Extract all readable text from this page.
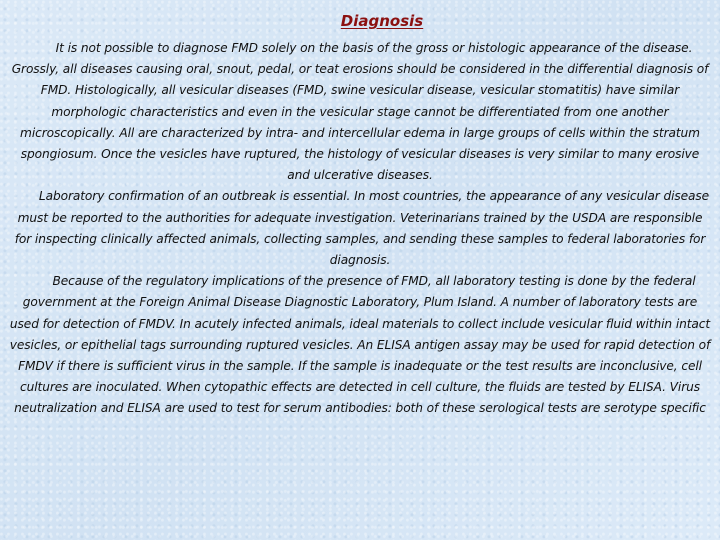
Diagnosis

It is not possible to diagnose FMD solely on the basis of the gross or histologic appearance of the disease. Grossly, all diseases causing oral, snout, pedal, or teat erosions should be considered in the differential diagnosis of FMD. Histologically, all vesicular diseases (FMD, swine vesicular disease, vesicular stomatitis) have similar morphologic characteristics and even in the vesicular stage cannot be differentiated from one another microscopically. All are characterized by intra- and intercellular edema in large groups of cells within the stratum spongiosum. Once the vesicles have ruptured, the histology of vesicular diseases is very similar to many erosive and ulcerative diseases.

Laboratory confirmation of an outbreak is essential. In most countries, the appearance of any vesicular disease must be reported to the authorities for adequate investigation. Veterinarians trained by the USDA are responsible for inspecting clinically affected animals, collecting samples, and sending these samples to federal laboratories for diagnosis.

Because of the regulatory implications of the presence of FMD, all laboratory testing is done by the federal government at the Foreign Animal Disease Diagnostic Laboratory, Plum Island. A number of laboratory tests are used for detection of FMDV. In acutely infected animals, ideal materials to collect include vesicular fluid within intact vesicles, or epithelial tags surrounding ruptured vesicles. An ELISA antigen assay may be used for rapid detection of FMDV if there is sufficient virus in the sample. If the sample is inadequate or the test results are inconclusive, cell cultures are inoculated. When cytopathic effects are detected in cell culture, the fluids are tested by ELISA. Virus neutralization and ELISA are used to test for serum antibodies: both of these serological tests are serotype specific
